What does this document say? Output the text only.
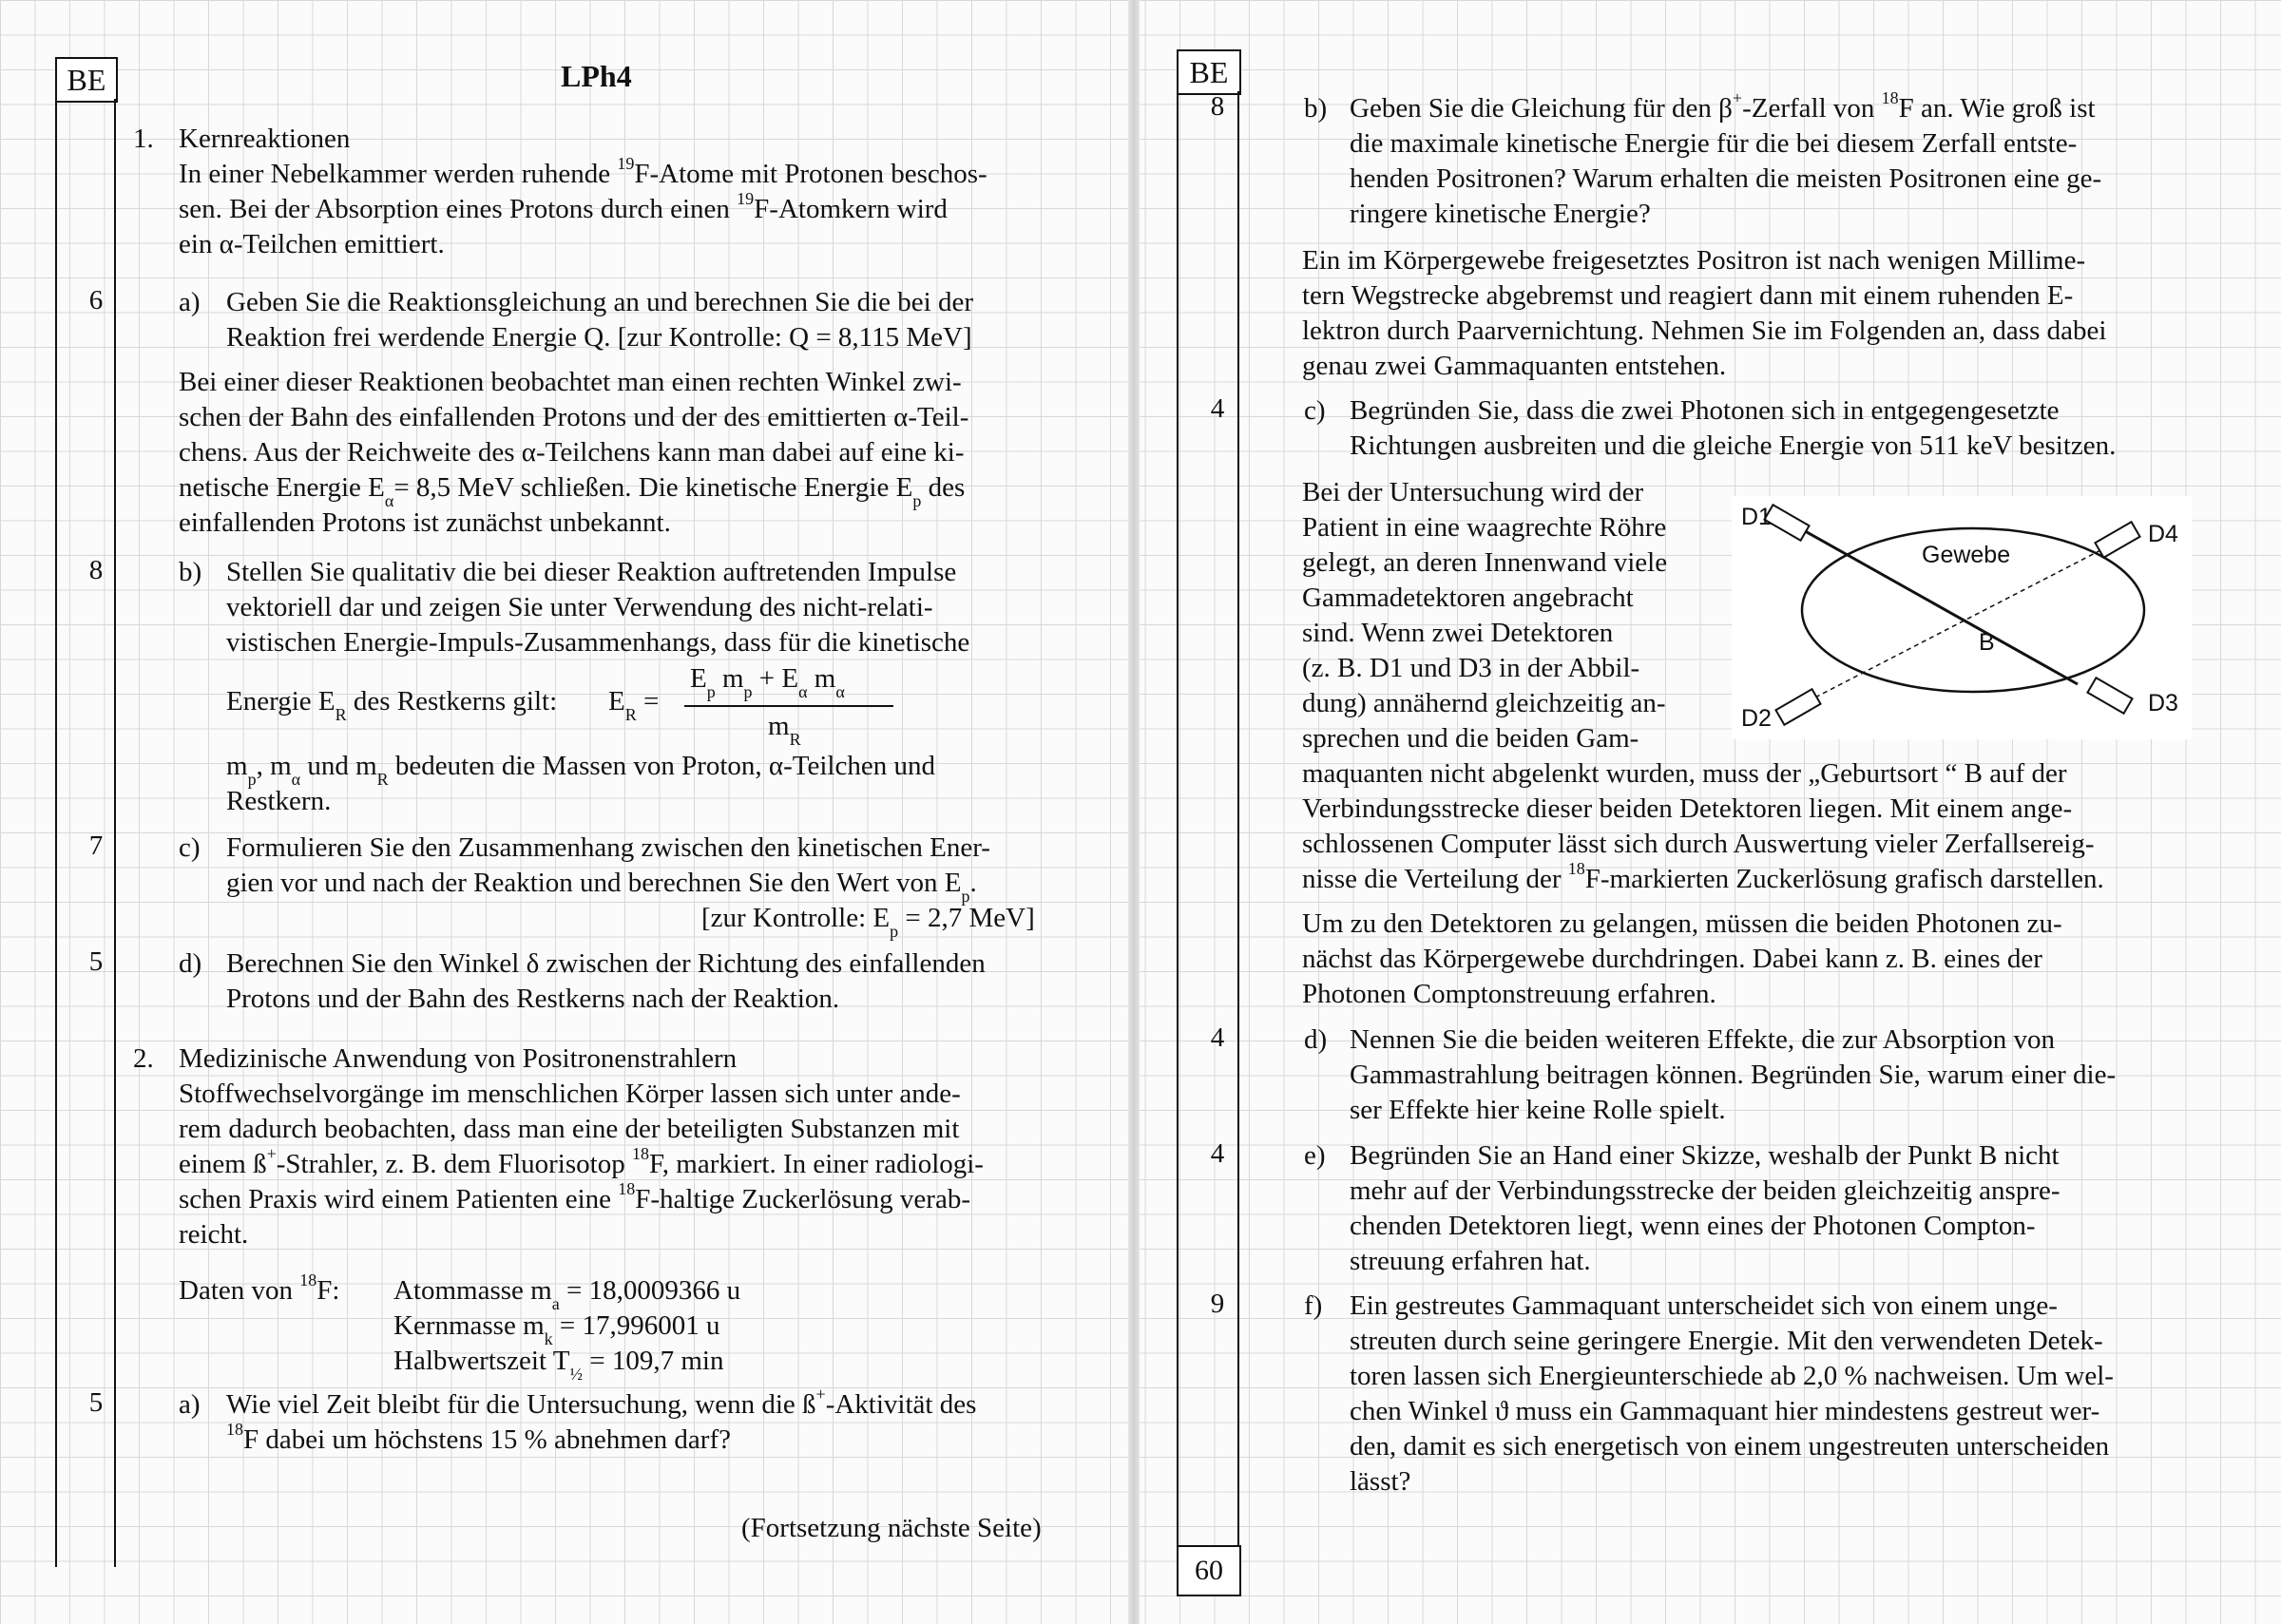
BE	LPh4
1. Kernreaktionen
6	a) Geben Sie die Reaktionsgleichung an und berechnen Sie die bei der
Reaktion frei werdende Energie Q. [zur Kontrolle: Q = 8,115 MeV]
Bei einer dieser Reaktionen beobachtet man einen rechten Winkel zwi-
schen der Bahn des einfallenden Protons und der des emittierten α-Teil-
chens. Aus der Reichweite des α-Teilchens kann man dabei auf eine ki-
netische Energie $E_\alpha= 8,5$ MeV schließen. Die kinetische Energie $E_p$ des
einfallenden Protons ist zunächst unbekannt.
8	b) Stellen Sie qualitativ die bei dieser Reaktion auftretenden Impulse
vektoriell dar und zeigen Sie unter Verwendung des nicht-relati-
vistischen Energie-Impuls-Zusammenhangs, dass für die kinetische
Energie $E_R$ des Restkerns gilt: $E_R$ =
$E_p$ $m_p + E_\alpha$ $m_\alpha$
$m_R$
$m_p$, $m_\alpha$ und $m_R$ bedeuten die Massen von Proton, α-Teilchen und
Restkern.
7	c) Formulieren Sie den Zusammenhang zwischen den kinetischen Ener-
gien vor und nach der Reaktion und berechnen Sie den Wert von $E_p$.
[zur Kontrolle: $E_p = 2,7$ MeV]
5	d) Berechnen Sie den Winkel δ zwischen der Richtung des einfallenden
Protons und der Bahn des Restkerns nach der Reaktion.
2. Medizinische Anwendung von Positronenstrahlern
Daten von $^{18}$F: Atommasse $m_a = 18,0009366$ u
Kernmasse $m_k = 17,996001$ u
Halbwertszeit $T_{\frac{1}{2}} = 109,7$ min
5	a) Wie viel Zeit bleibt für die Untersuchung, wenn die ß+-Aktivität des
$^{18}$F dabei um höchstens 15 % abnehmen darf?
(Fortsetzung nächste Seite)
BE
60
8	b) Geben Sie die Gleichung für den β+-Zerfall von $^{18}$F an. Wie groß ist
die maximale kinetische Energie für die bei diesem Zerfall entste-
henden Positronen? Warum erhalten die meisten Positronen eine ge-
ringere kinetische Energie?
Ein im Körpergewebe freigesetztes Positron ist nach wenigen Millime-
tern Wegstrecke abgebremst und reagiert dann mit einem ruhenden E-
lektron durch Paarvernichtung. Nehmen Sie im Folgenden an, dass dabei
genau zwei Gammaquanten entstehen.
4	c) Begründen Sie, dass die zwei Photonen sich in entgegengesetzte
Richtungen ausbreiten und die gleiche Energie von 511 keV besitzen.
Bei der Untersuchung wird der
Patient in eine waagrechte Röhre
gelegt, an deren Innenwand viele
Gammadetektoren angebracht
sind. Wenn zwei Detektoren
(z. B. D1 und D3 in der Abbil-
dung) annähernd gleichzeitig an-
sprechen und die beiden Gam-
maquanten nicht abgelenkt wurden, muss der „Geburtsort “ B auf der
Verbindungsstrecke dieser beiden Detektoren liegen. Mit einem ange-
schlossenen Computer lässt sich durch Auswertung vieler Zerfallsereig-
nisse die Verteilung der $^{18}$F-markierten Zuckerlösung grafisch darstellen.
D1
D4
D2
D3
Gewebe
B
Um zu den Detektoren zu gelangen, müssen die beiden Photonen zu-
nächst das Körpergewebe durchdringen. Dabei kann z. B. eines der
Photonen Comptonstreuung erfahren.
4	d) Nennen Sie die beiden weiteren Effekte, die zur Absorption von
Gammastrahlung beitragen können. Begründen Sie, warum einer die-
ser Effekte hier keine Rolle spielt.
4	e) Begründen Sie an Hand einer Skizze, weshalb der Punkt B nicht
mehr auf der Verbindungsstrecke der beiden gleichzeitig anspre-
chenden Detektoren liegt, wenn eines der Photonen Compton-
streuung erfahren hat.
9	f) Ein gestreutes Gammaquant unterscheidet sich von einem unge-
streuten durch seine geringere Energie. Mit den verwendeten Detek-
toren lassen sich Energieunterschiede ab 2,0 % nachweisen. Um wel-
chen Winkel ϑ muss ein Gammaquant hier mindestens gestreut wer-
den, damit es sich energetisch von einem ungestreuten unterscheiden
lässt?
In einer Nebelkammer werden ruhende $^{19}$F-Atome mit Protonen beschos-
sen. Bei der Absorption eines Protons durch einen $^{19}$F-Atomkern wird
ein α-Teilchen emittiert.
Stoffwechselvorgänge im menschlichen Körper lassen sich unter ande-
rem dadurch beobachten, dass man eine der beteiligten Substanzen mit
einem ß+-Strahler, z. B. dem Fluorisotop $^{18}$F, markiert. In einer radiologi-
schen Praxis wird einem Patienten eine $^{18}$F-haltige Zuckerlösung verab-
reicht.
